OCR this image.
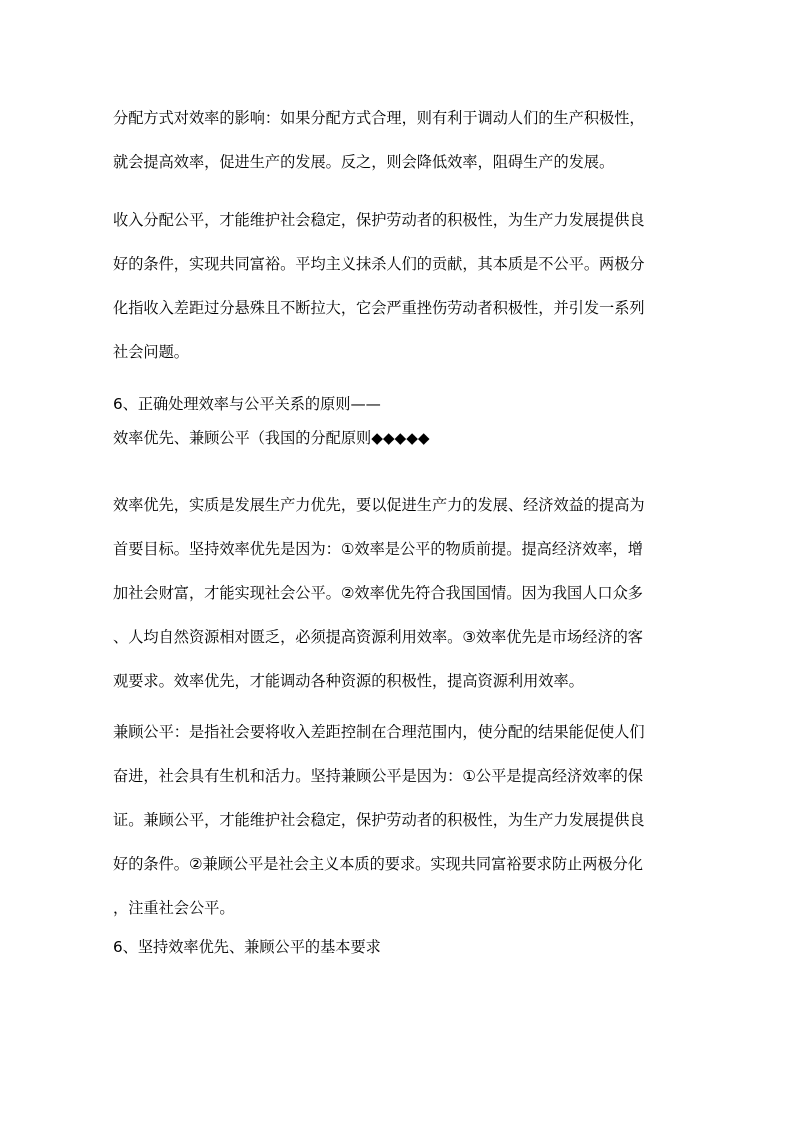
分配方式对效率的影响：如果分配方式合理，则有利于调动人们的生产积极性，
就会提高效率，促进生产的发展。反之，则会降低效率，阻碍生产的发展。
收入分配公平，才能维护社会稳定，保护劳动者的积极性，为生产力发展提供良
好的条件，实现共同富裕。平均主义抹杀人们的贡献，其本质是不公平。两极分
化指收入差距过分悬殊且不断拉大，它会严重挫伤劳动者积极性，并引发一系列
社会问题。
6、正确处理效率与公平关系的原则——
效率优先、兼顾公平（我国的分配原则◆◆◆◆◆
效率优先，实质是发展生产力优先，要以促进生产力的发展、经济效益的提高为
首要目标。坚持效率优先是因为：①效率是公平的物质前提。提高经济效率，增
加社会财富，才能实现社会公平。②效率优先符合我国国情。因为我国人口众多
、人均自然资源相对匮乏，必须提高资源利用效率。③效率优先是市场经济的客
观要求。效率优先，才能调动各种资源的积极性，提高资源利用效率。
兼顾公平：是指社会要将收入差距控制在合理范围内，使分配的结果能促使人们
奋进，社会具有生机和活力。坚持兼顾公平是因为：①公平是提高经济效率的保
证。兼顾公平，才能维护社会稳定，保护劳动者的积极性，为生产力发展提供良
好的条件。②兼顾公平是社会主义本质的要求。实现共同富裕要求防止两极分化
，注重社会公平。
6、坚持效率优先、兼顾公平的基本要求
